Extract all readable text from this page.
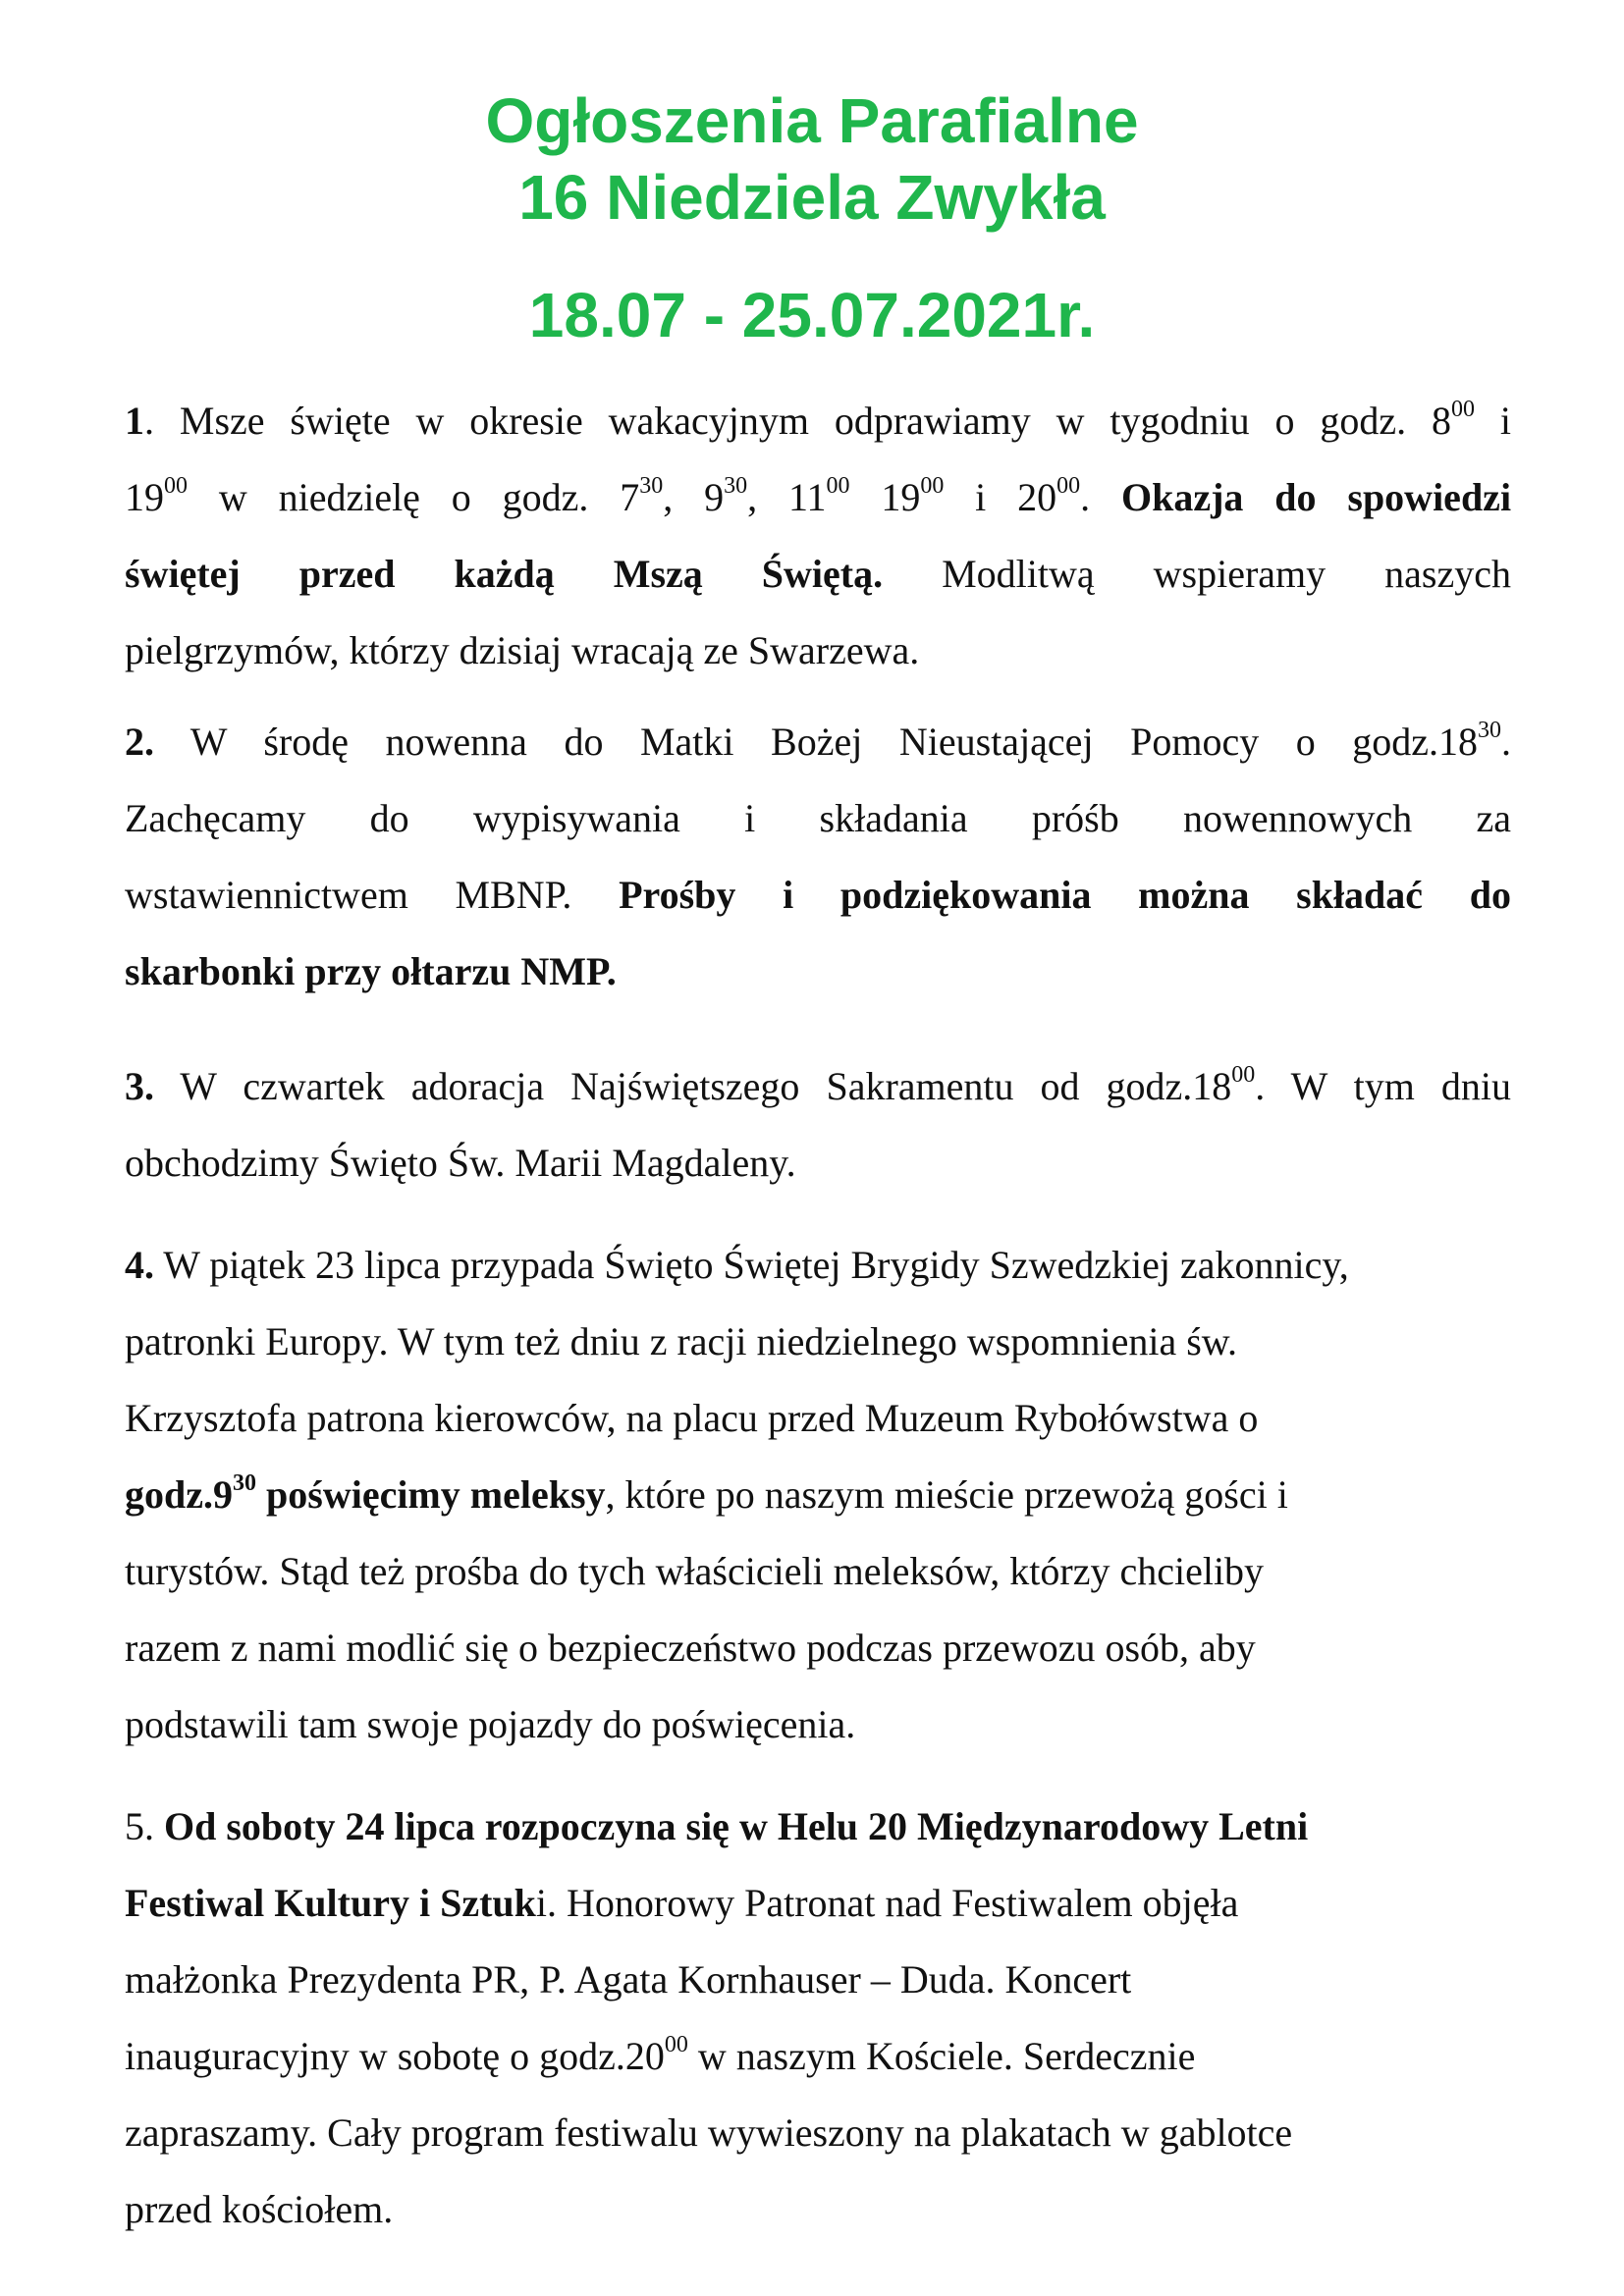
Ogłoszenia Parafialne
16 Niedziela Zwykła
18.07 - 25.07.2021r.
1. Msze święte w okresie wakacyjnym odprawiamy w tygodniu o godz. $8^{00}$ i
$19^{00}$ w niedzielę o godz. $7^{30}$, $9^{30}$, $11^{00}$ $19^{00}$ i $20^{00}$. Okazja do spowiedzi
świętej przed każdą Mszą Świętą. Modlitwą wspieramy naszych
pielgrzymów, którzy dzisiaj wracają ze Swarzewa.
2. W środę nowenna do Matki Bożej Nieustającej Pomocy o $godz.18^{30}$.
Zachęcamy do wypisywania i składania próśb nowennowych za
wstawiennictwem MBNP. Prośby i podziękowania można składać do
skarbonki przy ołtarzu NMP.
3. W czwartek adoracja Najświętszego Sakramentu od $godz.18^{00}$. W tym dniu
obchodzimy Święto Św. Marii Magdaleny.
4. W piątek 23 lipca przypada Święto Świętej Brygidy Szwedzkiej zakonnicy,
patronki Europy. W tym też dniu z racji niedzielnego wspomnienia św.
Krzysztofa patrona kierowców, na placu przed Muzeum Rybołówstwa o
$godz.9^{30}$ poświęcimy meleksy, które po naszym mieście przewożą gości i
turystów. Stąd też prośba do tych właścicieli meleksów, którzy chcieliby
razem z nami modlić się o bezpieczeństwo podczas przewozu osób, aby
podstawili tam swoje pojazdy do poświęcenia.
5. Od soboty 24 lipca rozpoczyna się w Helu 20 Międzynarodowy Letni
Festiwal Kultury i Sztuki. Honorowy Patronat nad Festiwalem objęła
małżonka Prezydenta PR, P. Agata Kornhauser – Duda. Koncert
inauguracyjny w sobotę o $godz.20^{00}$ w naszym Kościele. Serdecznie
zapraszamy. Cały program festiwalu wywieszony na plakatach w gablotce
przed kościołem.
